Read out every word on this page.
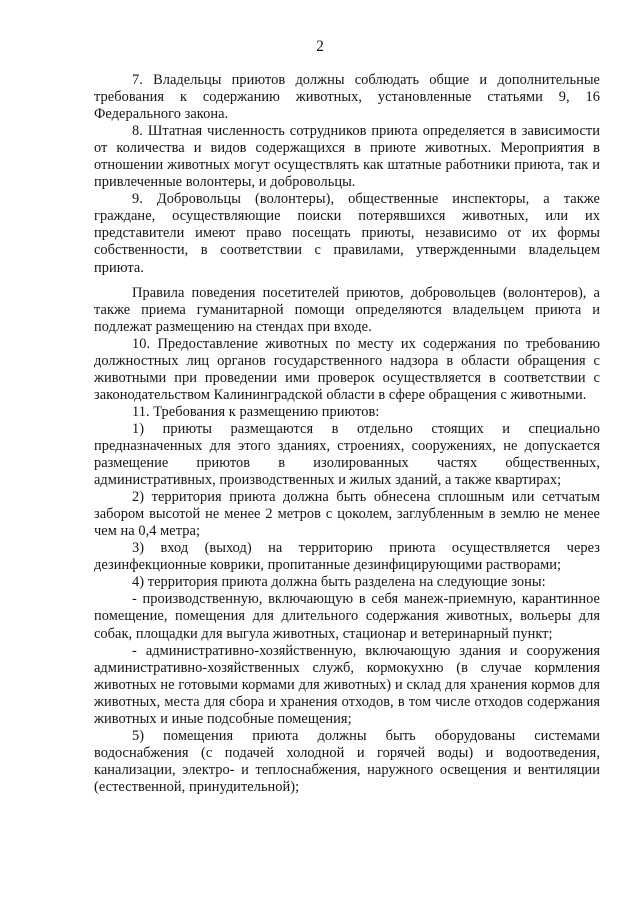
2

7. Владельцы приютов должны соблюдать общие и дополнительные требования к содержанию животных, установленные статьями 9, 16 Федерального закона.

8. Штатная численность сотрудников приюта определяется в зависимости от количества и видов содержащихся в приюте животных. Мероприятия в отношении животных могут осуществлять как штатные работники приюта, так и привлеченные волонтеры, и добровольцы.

9. Добровольцы (волонтеры), общественные инспекторы, а также граждане, осуществляющие поиски потерявшихся животных, или их представители имеют право посещать приюты, независимо от их формы собственности, в соответствии с правилами, утвержденными владельцем приюта.

Правила поведения посетителей приютов, добровольцев (волонтеров), а также приема гуманитарной помощи определяются владельцем приюта и подлежат размещению на стендах при входе.

10. Предоставление животных по месту их содержания по требованию должностных лиц органов государственного надзора в области обращения с животными при проведении ими проверок осуществляется в соответствии с законодательством Калининградской области в сфере обращения с животными.

11. Требования к размещению приютов:

1) приюты размещаются в отдельно стоящих и специально предназначенных для этого зданиях, строениях, сооружениях, не допускается размещение приютов в изолированных частях общественных, административных, производственных и жилых зданий, а также квартирах;

2) территория приюта должна быть обнесена сплошным или сетчатым забором высотой не менее 2 метров с цоколем, заглубленным в землю не менее чем на 0,4 метра;

3) вход (выход) на территорию приюта осуществляется через дезинфекционные коврики, пропитанные дезинфицирующими растворами;

4) территория приюта должна быть разделена на следующие зоны:

- производственную, включающую в себя манеж-приемную, карантинное помещение, помещения для длительного содержания животных, вольеры для собак, площадки для выгула животных, стационар и ветеринарный пункт;

- административно-хозяйственную, включающую здания и сооружения административно-хозяйственных служб, кормокухню (в случае кормления животных не готовыми кормами для животных) и склад для хранения кормов для животных, места для сбора и хранения отходов, в том числе отходов содержания животных и иные подсобные помещения;

5) помещения приюта должны быть оборудованы системами водоснабжения (с подачей холодной и горячей воды) и водоотведения, канализации, электро- и теплоснабжения, наружного освещения и вентиляции (естественной, принудительной);
